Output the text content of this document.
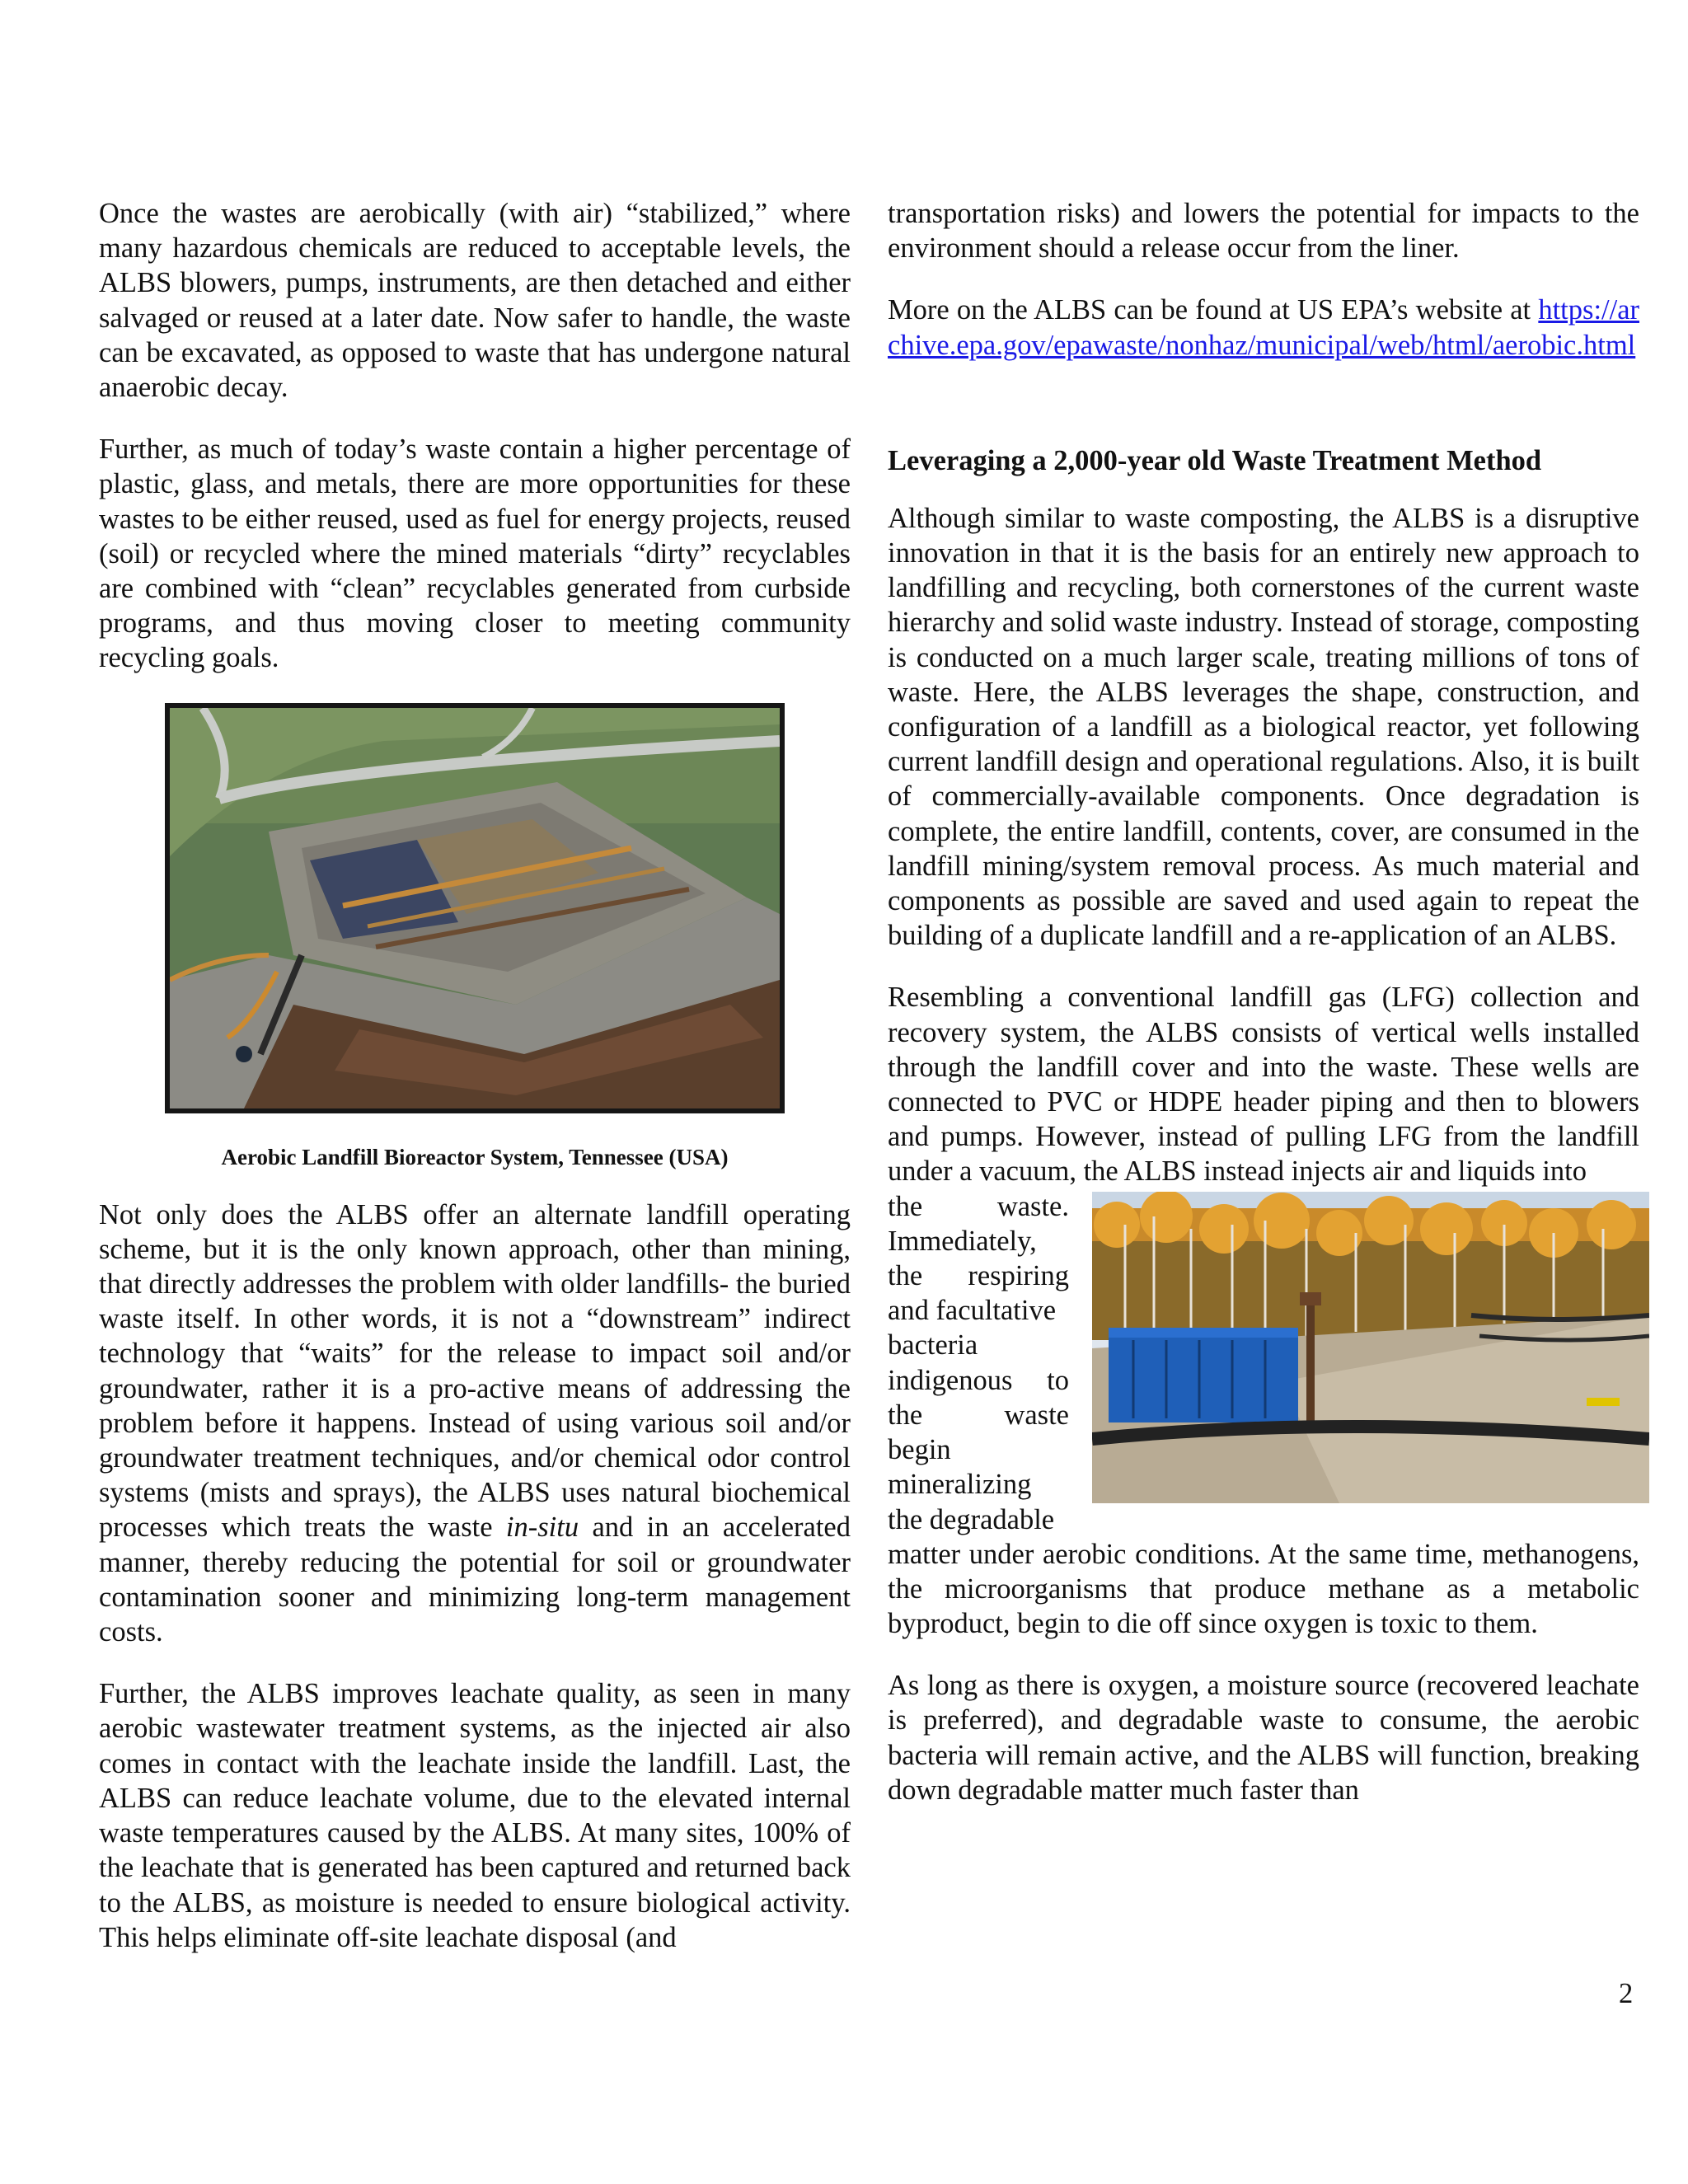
Once the wastes are aerobically (with air) “stabilized,” where many hazardous chemicals are reduced to acceptable levels, the ALBS blowers, pumps, instruments, are then detached and either salvaged or reused at a later date. Now safer to handle, the waste can be excavated, as opposed to waste that has undergone natural anaerobic decay.

Further, as much of today’s waste contain a higher percentage of plastic, glass, and metals, there are more opportunities for these wastes to be either reused, used as fuel for energy projects, reused (soil) or recycled where the mined materials “dirty” recyclables are combined with “clean” recyclables generated from curbside programs, and thus moving closer to meeting community recycling goals.

Aerobic Landfill Bioreactor System, Tennessee (USA)

Not only does the ALBS offer an alternate landfill operating scheme, but it is the only known approach, other than mining, that directly addresses the problem with older landfills- the buried waste itself. In other words, it is not a “downstream” indirect technology that “waits” for the release to impact soil and/or groundwater, rather it is a pro-active means of addressing the problem before it happens. Instead of using various soil and/or groundwater treatment techniques, and/or chemical odor control systems (mists and sprays), the ALBS uses natural biochemical processes which treats the waste in-situ and in an accelerated manner, thereby reducing the potential for soil or groundwater contamination sooner and minimizing long-term management costs.

Further, the ALBS improves leachate quality, as seen in many aerobic wastewater treatment systems, as the injected air also comes in contact with the leachate inside the landfill. Last, the ALBS can reduce leachate volume, due to the elevated internal waste temperatures caused by the ALBS. At many sites, 100% of the leachate that is generated has been captured and returned back to the ALBS, as moisture is needed to ensure biological activity. This helps eliminate off-site leachate disposal (and

transportation risks) and lowers the potential for impacts to the environment should a release occur from the liner.

More on the ALBS can be found at US EPA’s website at https://archive.epa.gov/epawaste/nonhaz/municipal/web/html/aerobic.html

Leveraging a 2,000-year old Waste Treatment Method

Although similar to waste composting, the ALBS is a disruptive innovation in that it is the basis for an entirely new approach to landfilling and recycling, both cornerstones of the current waste hierarchy and solid waste industry. Instead of storage, composting is conducted on a much larger scale, treating millions of tons of waste. Here, the ALBS leverages the shape, construction, and configuration of a landfill as a biological reactor, yet following current landfill design and operational regulations. Also, it is built of commercially-available components. Once degradation is complete, the entire landfill, contents, cover, are consumed in the landfill mining/system removal process. As much material and components as possible are saved and used again to repeat the building of a duplicate landfill and a re-application of an ALBS.

Resembling a conventional landfill gas (LFG) collection and recovery system, the ALBS consists of vertical wells installed through the landfill cover and into the waste. These wells are connected to PVC or HDPE header piping and then to blowers and pumps. However, instead of pulling LFG from the landfill under a vacuum, the ALBS instead injects air and liquids into

the waste.
Immediately,
the respiring
and facultative
bacteria
indigenous to
the waste
begin
mineralizing
the degradable

matter under aerobic conditions. At the same time, methanogens, the microorganisms that produce methane as a metabolic byproduct, begin to die off since oxygen is toxic to them.

As long as there is oxygen, a moisture source (recovered leachate is preferred), and degradable waste to consume, the aerobic bacteria will remain active, and the ALBS will function, breaking down degradable matter much faster than

2
